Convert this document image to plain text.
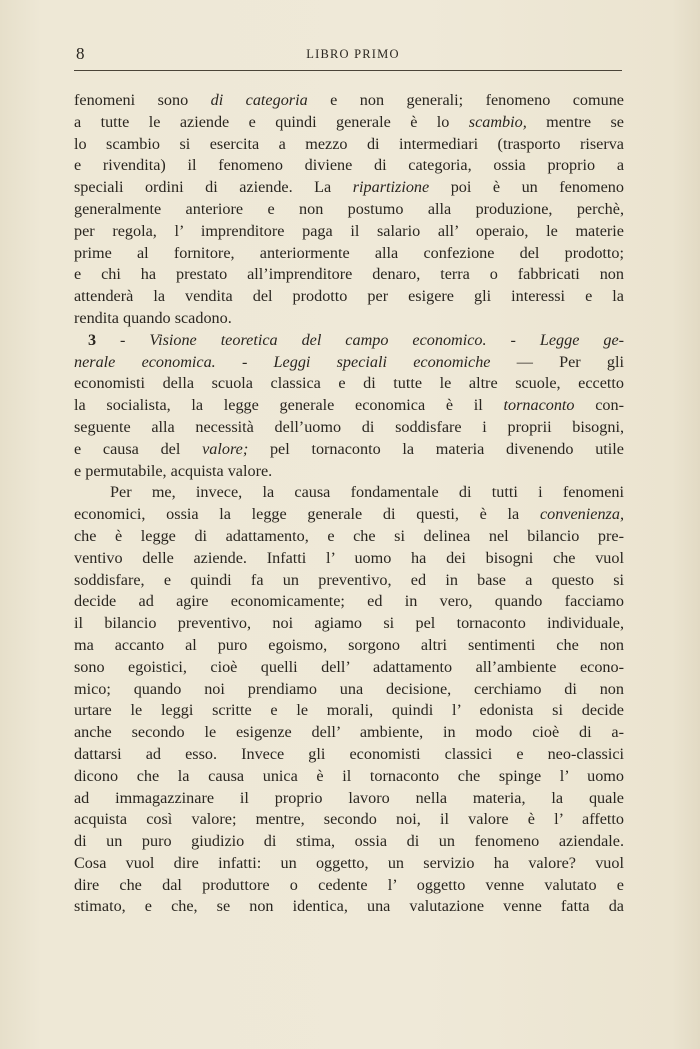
8	LIBRO PRIMO
fenomeni sono di categoria e non generali; fenomeno comune
a tutte le aziende e quindi generale è lo scambio, mentre se
lo scambio si esercita a mezzo di intermediari (trasporto riserva
e rivendita) il fenomeno diviene di categoria, ossia proprio a
speciali ordini di aziende. La ripartizione poi è un fenomeno
generalmente anteriore e non postumo alla produzione, perchè,
per regola, l’ imprenditore paga il salario all’ operaio, le materie
prime al fornitore, anteriormente alla confezione del prodotto;
e chi ha prestato all’imprenditore denaro, terra o fabbricati non
attenderà la vendita del prodotto per esigere gli interessi e la
rendita quando scadono.
3 - Visione teoretica del campo economico. - Legge ge-
nerale economica. - Leggi speciali economiche — Per gli
economisti della scuola classica e di tutte le altre scuole, eccetto
la socialista, la legge generale economica è il tornaconto con-
seguente alla necessità dell’uomo di soddisfare i proprii bisogni,
e causa del valore; pel tornaconto la materia divenendo utile
e permutabile, acquista valore.
Per me, invece, la causa fondamentale di tutti i fenomeni
economici, ossia la legge generale di questi, è la convenienza,
che è legge di adattamento, e che si delinea nel bilancio pre-
ventivo delle aziende. Infatti l’ uomo ha dei bisogni che vuol
soddisfare, e quindi fa un preventivo, ed in base a questo si
decide ad agire economicamente; ed in vero, quando facciamo
il bilancio preventivo, noi agiamo si pel tornaconto individuale,
ma accanto al puro egoismo, sorgono altri sentimenti che non
sono egoistici, cioè quelli dell’ adattamento all’ambiente econo-
mico; quando noi prendiamo una decisione, cerchiamo di non
urtare le leggi scritte e le morali, quindi l’ edonista si decide
anche secondo le esigenze dell’ ambiente, in modo cioè di a-
dattarsi ad esso. Invece gli economisti classici e neo-classici
dicono che la causa unica è il tornaconto che spinge l’ uomo
ad immagazzinare il proprio lavoro nella materia, la quale
acquista così valore; mentre, secondo noi, il valore è l’ affetto
di un puro giudizio di stima, ossia di un fenomeno aziendale.
Cosa vuol dire infatti: un oggetto, un servizio ha valore? vuol
dire che dal produttore o cedente l’ oggetto venne valutato e
stimato, e che, se non identica, una valutazione venne fatta da
